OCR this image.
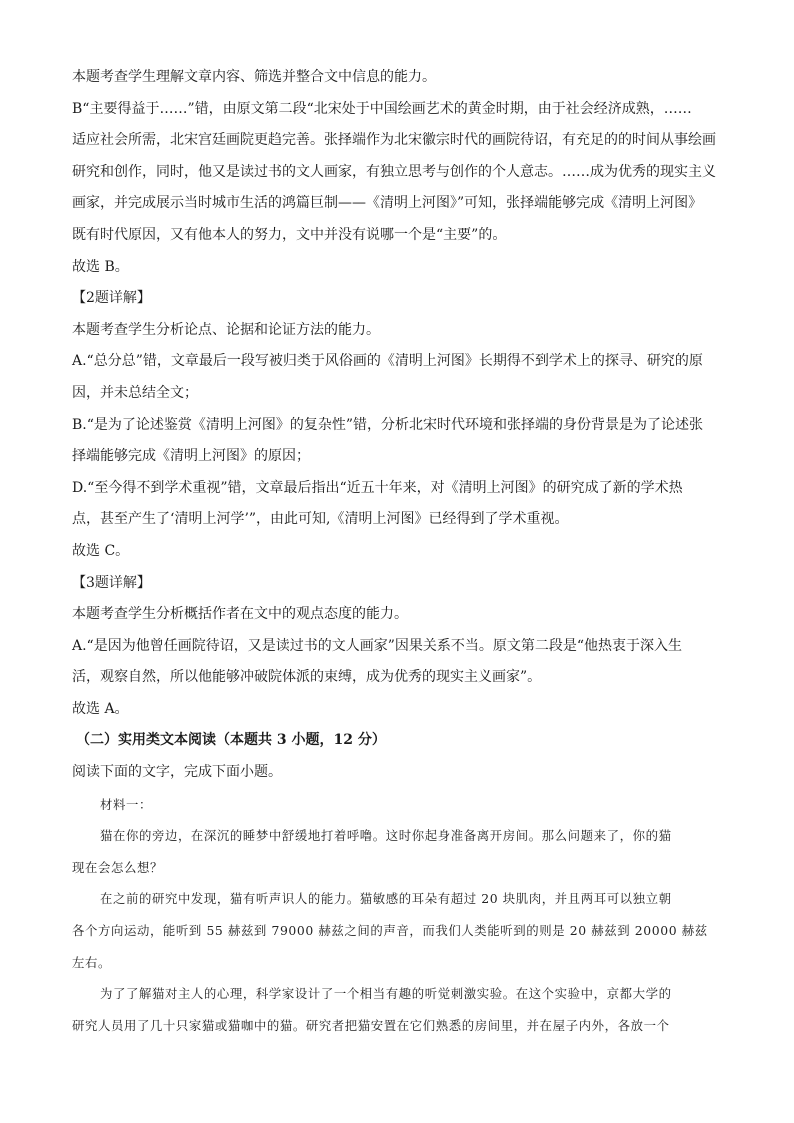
本题考查学生理解文章内容、筛选并整合文中信息的能力。

B“主要得益于……”错，由原文第二段“北宋处于中国绘画艺术的黄金时期，由于社会经济成熟，……

适应社会所需，北宋宫廷画院更趋完善。张择端作为北宋徽宗时代的画院待诏，有充足的的时间从事绘画

研究和创作，同时，他又是读过书的文人画家，有独立思考与创作的个人意志。……成为优秀的现实主义

画家，并完成展示当时城市生活的鸿篇巨制——《清明上河图》”可知，张择端能够完成《清明上河图》

既有时代原因，又有他本人的努力，文中并没有说哪一个是“主要”的。

故选 B。

【2题详解】

本题考查学生分析论点、论据和论证方法的能力。

A.“总分总”错，文章最后一段写被归类于风俗画的《清明上河图》长期得不到学术上的探寻、研究的原

因，并未总结全文；

B.“是为了论述鉴赏《清明上河图》的复杂性”错，分析北宋时代环境和张择端的身份背景是为了论述张

择端能够完成《清明上河图》的原因；

D.“至今得不到学术重视”错，文章最后指出“近五十年来，对《清明上河图》的研究成了新的学术热

点，甚至产生了‘清明上河学’”，由此可知,《清明上河图》已经得到了学术重视。

故选 C。

【3题详解】

本题考查学生分析概括作者在文中的观点态度的能力。

A.“是因为他曾任画院待诏，又是读过书的文人画家”因果关系不当。原文第二段是“他热衷于深入生

活，观察自然，所以他能够冲破院体派的束缚，成为优秀的现实主义画家”。

故选 A。

（二）实用类文本阅读（本题共 3 小题，12 分）

阅读下面的文字，完成下面小题。

材料一：

猫在你的旁边，在深沉的睡梦中舒缓地打着呼噜。这时你起身准备离开房间。那么问题来了，你的猫

现在会怎么想？

在之前的研究中发现，猫有听声识人的能力。猫敏感的耳朵有超过 20 块肌肉，并且两耳可以独立朝

各个方向运动，能听到 55 赫兹到 79000 赫兹之间的声音，而我们人类能听到的则是 20 赫兹到 20000 赫兹

左右。

为了了解猫对主人的心理，科学家设计了一个相当有趣的听觉刺激实验。在这个实验中，京都大学的

研究人员用了几十只家猫或猫咖中的猫。研究者把猫安置在它们熟悉的房间里，并在屋子内外，各放一个
